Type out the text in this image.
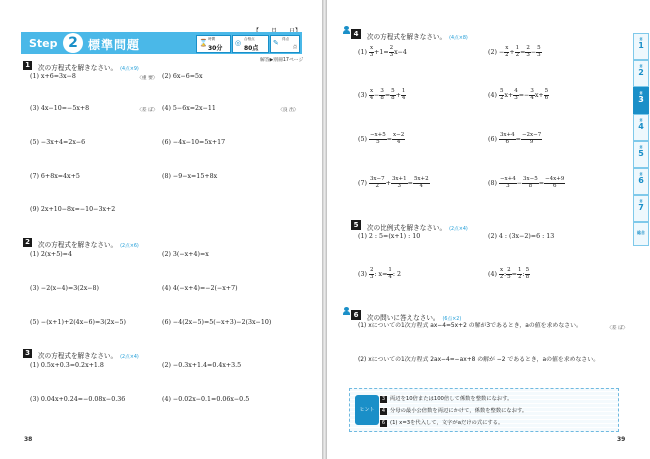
Step 2 標準問題	⌛ 時間
30分
◎ 合格点
80点
✎ 得点
点
解答▶別冊17ページ
1	次の方程式を解きなさい。 (4点×9)
(1) x+6=3x−8	〈重 要〉 (2) 6x−6=5x
(3) 4x−10=−5x+8	〈差 ぼ〉 (4) 5−6x=2x−11	〈良 出〉
(5) −3x+4=2x−6	(6) −4x−10=5x+17
(7) 6+8x=4x+5	(8) −9−x=15+8x
(9) 2x+10−8x=−10−3x+2
2	次の方程式を解きなさい。 (2点×6)
(1) 2(x+5)=4	(2) 3(−x+4)=x
(3) −2(x−4)=3(2x−8)	(4) 4(−x+4)=−2(−x+7)
(5) −(x+1)+2(4x−6)=3(2x−5)	(6) −4(2x−5)=5(−x+3)−2(3x−10)
3	次の方程式を解きなさい。 (2点×4)
(1) 0.5x+0.3=0.2x+1.8	(2) −0.3x+1.4=0.4x+3.5
(3) 0.04x+0.24=−0.08x−0.36	(4) −0.02x−0.1=0.06x−0.5
38
4	次の方程式を解きなさい。 (4点×8)
$(1) \frac{x}{3} +1= \frac{2}{3} x-4$	$(2) - \frac{x}{2} + \frac{1}{2} = \frac{2}{3} - \frac{5}{3}$
$(3) \frac{x}{4} - \frac{3}{8} = \frac{5}{8} + \frac{1}{4}$	$(4) \frac{5}{2} x+ \frac{4}{3} =- \frac{3}{4} x+ \frac{5}{6}$
$(5) \frac{-x+5}{5} = \frac{x-2}{4}$	$(6) \frac{3x+4}{6} = \frac{-2x-7}{9}$
$(7) \frac{3x-7}{2} + \frac{3x+1}{3} = \frac{5x+2}{4}$	$(8) \frac{-x+4}{3} - \frac{3x-5}{8} = \frac{-4x+9}{6}$
5	次の比例式を解きなさい。 (2点×4)
(1) 2 : 5=(x+1) : 10	(2) 4 : (3x−2)=6 : 13
$(3) \frac{2}{3}$ : $x= \frac{1}{4}$ : 2	$(4) \frac{x}{2}$ : $\frac{2}{5} = \frac{1}{2}$ : $\frac{5}{8}$
6	次の問いに答えなさい。 (6点×2)
(1) xについての1次方程式 ax−4=5x+2 の解が3であるとき，aの値を求めなさい。	〈差 ぼ〉
(2) xについての1次方程式 2ax−4=−ax+8 の解が −2 であるとき，aの値を求めなさい。
ヒント
3 両辺を10倍または100倍して係数を整数になおす。
4 分母の最小公倍数を両辺にかけて，係数を整数になおす。
6 (1) x=3を代入して，文字がaだけの式にする。
39
第
1
第
2
第
3
第
4
第
5
第
6
第
7
総合
